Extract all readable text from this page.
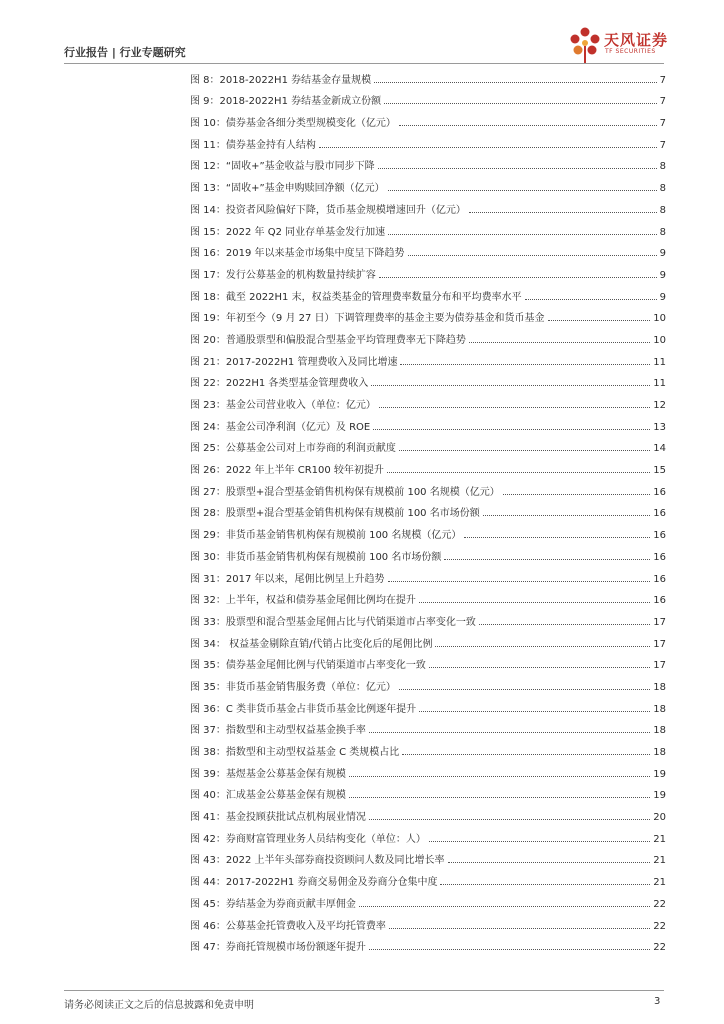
行业报告 | 行业专题研究
天风证券
TF SECURITIES
图 8：2018-2022H1 券结基金存量规模	7
图 9：2018-2022H1 券结基金新成立份额	7
图 10：债券基金各细分类型规模变化（亿元）	7
图 11：债券基金持有人结构	7
图 12：“固收+”基金收益与股市同步下降	8
图 13：“固收+”基金申购赎回净额（亿元）	8
图 14：投资者风险偏好下降，货币基金规模增速回升（亿元）	8
图 15：2022 年 Q2 同业存单基金发行加速	8
图 16：2019 年以来基金市场集中度呈下降趋势	9
图 17：发行公募基金的机构数量持续扩容	9
图 18：截至 2022H1 末，权益类基金的管理费率数量分布和平均费率水平	9
图 19：年初至今（9 月 27 日）下调管理费率的基金主要为债券基金和货币基金	10
图 20：普通股票型和偏股混合型基金平均管理费率无下降趋势	10
图 21：2017-2022H1 管理费收入及同比增速	11
图 22：2022H1 各类型基金管理费收入	11
图 23：基金公司营业收入（单位：亿元）	12
图 24：基金公司净利润（亿元）及 ROE	13
图 25：公募基金公司对上市券商的利润贡献度	14
图 26：2022 年上半年 CR100 较年初提升	15
图 27：股票型+混合型基金销售机构保有规模前 100 名规模（亿元）	16
图 28：股票型+混合型基金销售机构保有规模前 100 名市场份额	16
图 29：非货币基金销售机构保有规模前 100 名规模（亿元）	16
图 30：非货币基金销售机构保有规模前 100 名市场份额	16
图 31：2017 年以来，尾佣比例呈上升趋势	16
图 32：上半年，权益和债券基金尾佣比例均在提升	16
图 33：股票型和混合型基金尾佣占比与代销渠道市占率变化一致	17
图 34： 权益基金剔除直销/代销占比变化后的尾佣比例	17
图 35：债券基金尾佣比例与代销渠道市占率变化一致	17
图 35：非货币基金销售服务费（单位：亿元）	18
图 36：C 类非货币基金占非货币基金比例逐年提升	18
图 37：指数型和主动型权益基金换手率	18
图 38：指数型和主动型权益基金 C 类规模占比	18
图 39：基煜基金公募基金保有规模	19
图 40：汇成基金公募基金保有规模	19
图 41：基金投顾获批试点机构展业情况	20
图 42：券商财富管理业务人员结构变化（单位：人）	21
图 43：2022 上半年头部券商投资顾问人数及同比增长率	21
图 44：2017-2022H1 券商交易佣金及券商分仓集中度	21
图 45：券结基金为券商贡献丰厚佣金	22
图 46：公募基金托管费收入及平均托管费率	22
图 47：券商托管规模市场份额逐年提升	22
请务必阅读正文之后的信息披露和免责申明	3
